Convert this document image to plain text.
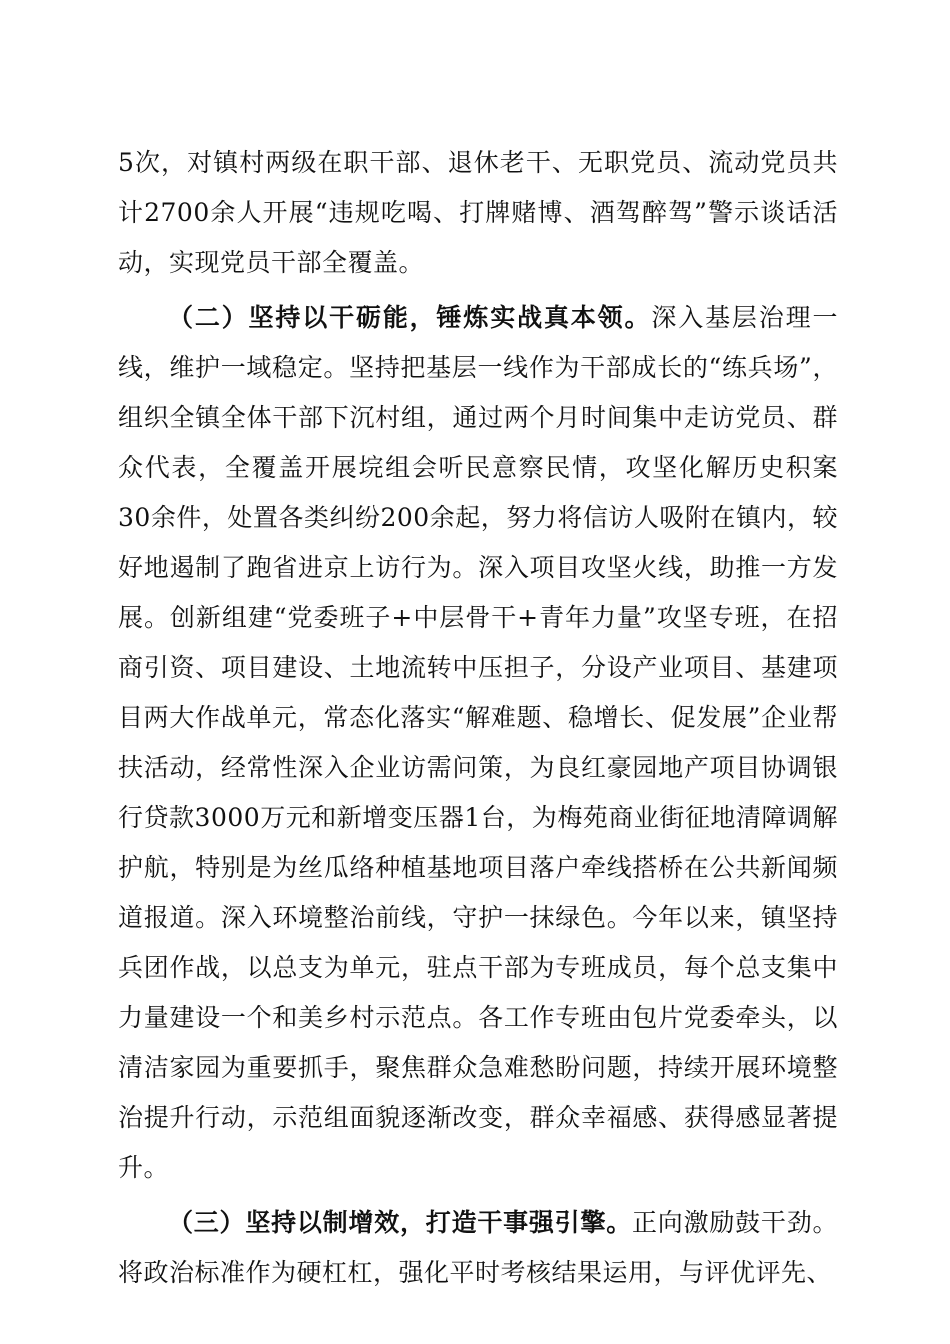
5次，对镇村两级在职干部、退休老干、无职党员、流动党员共计2700余人开展“违规吃喝、打牌赌博、酒驾醉驾”警示谈话活动，实现党员干部全覆盖。

（二）坚持以干砺能，锤炼实战真本领。深入基层治理一线，维护一域稳定。坚持把基层一线作为干部成长的“练兵场”，组织全镇全体干部下沉村组，通过两个月时间集中走访党员、群众代表，全覆盖开展垸组会听民意察民情，攻坚化解历史积案30余件，处置各类纠纷200余起，努力将信访人吸附在镇内，较好地遏制了跑省进京上访行为。深入项目攻坚火线，助推一方发展。创新组建“党委班子+中层骨干+青年力量”攻坚专班，在招商引资、项目建设、土地流转中压担子，分设产业项目、基建项目两大作战单元，常态化落实“解难题、稳增长、促发展”企业帮扶活动，经常性深入企业访需问策，为良红豪园地产项目协调银行贷款3000万元和新增变压器1台，为梅苑商业街征地清障调解护航，特别是为丝瓜络种植基地项目落户牵线搭桥在公共新闻频道报道。深入环境整治前线，守护一抹绿色。今年以来，镇坚持兵团作战，以总支为单元，驻点干部为专班成员，每个总支集中力量建设一个和美乡村示范点。各工作专班由包片党委牵头，以清洁家园为重要抓手，聚焦群众急难愁盼问题，持续开展环境整治提升行动，示范组面貌逐渐改变，群众幸福感、获得感显著提升。

（三）坚持以制增效，打造干事强引擎。正向激励鼓干劲。将政治标准作为硬杠杠，强化平时考核结果运用，与评优评先、
